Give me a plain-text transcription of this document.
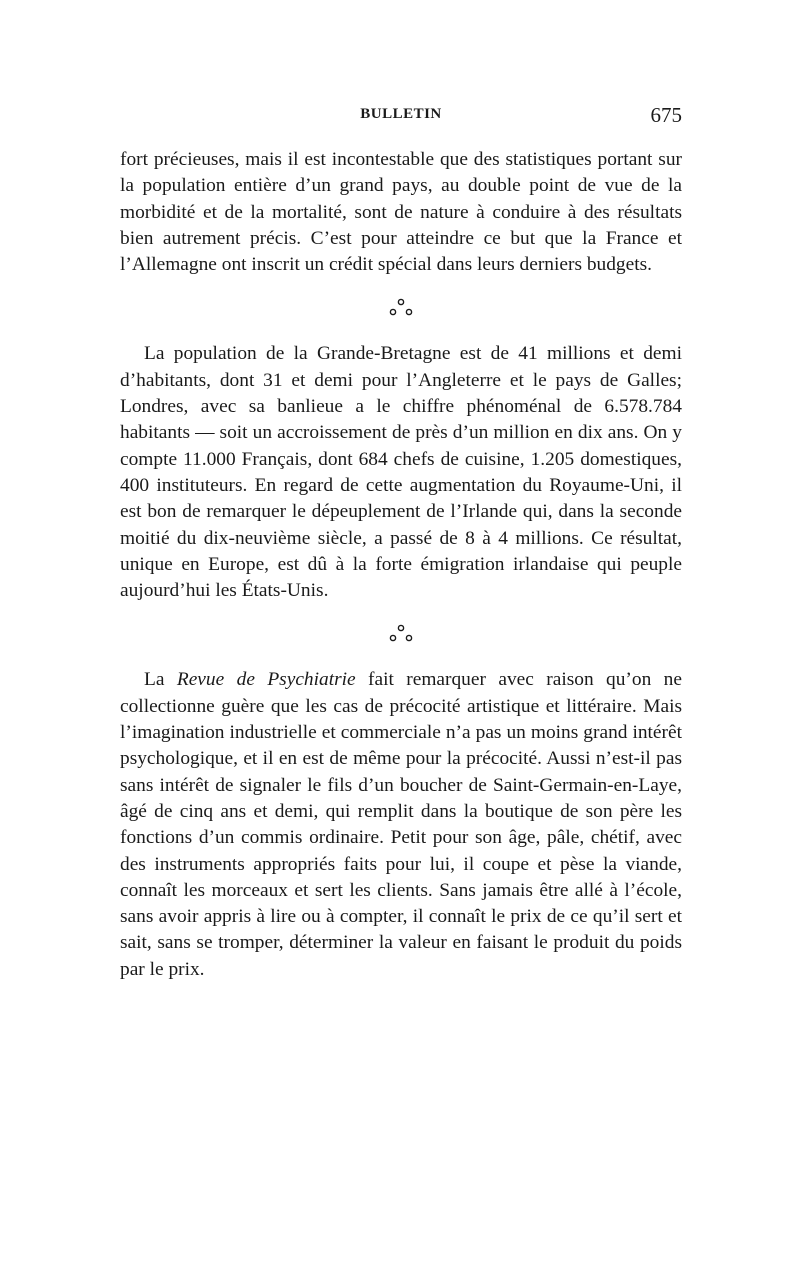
BULLETIN	675

fort précieuses, mais il est incontestable que des statistiques portant sur la population entière d’un grand pays, au double point de vue de la morbidité et de la mortalité, sont de nature à conduire à des résultats bien autrement précis. C’est pour atteindre ce but que la France et l’Allemagne ont inscrit un crédit spécial dans leurs derniers budgets.

La population de la Grande-Bretagne est de 41 millions et demi d’habitants, dont 31 et demi pour l’Angleterre et le pays de Galles; Londres, avec sa banlieue a le chiffre phénoménal de 6.578.784 habitants — soit un accroissement de près d’un million en dix ans. On y compte 11.000 Français, dont 684 chefs de cuisine, 1.205 domestiques, 400 instituteurs. En regard de cette augmentation du Royaume-Uni, il est bon de remarquer le dépeuplement de l’Irlande qui, dans la seconde moitié du dix-neuvième siècle, a passé de 8 à 4 millions. Ce résultat, unique en Europe, est dû à la forte émigration irlandaise qui peuple aujourd’hui les États-Unis.

La Revue de Psychiatrie fait remarquer avec raison qu’on ne collectionne guère que les cas de précocité artistique et littéraire. Mais l’imagination industrielle et commerciale n’a pas un moins grand intérêt psychologique, et il en est de même pour la précocité. Aussi n’est-il pas sans intérêt de signaler le fils d’un boucher de Saint-Germain-en-Laye, âgé de cinq ans et demi, qui remplit dans la boutique de son père les fonctions d’un commis ordinaire. Petit pour son âge, pâle, chétif, avec des instruments appropriés faits pour lui, il coupe et pèse la viande, connaît les morceaux et sert les clients. Sans jamais être allé à l’école, sans avoir appris à lire ou à compter, il connaît le prix de ce qu’il sert et sait, sans se tromper, déterminer la valeur en faisant le produit du poids par le prix.
